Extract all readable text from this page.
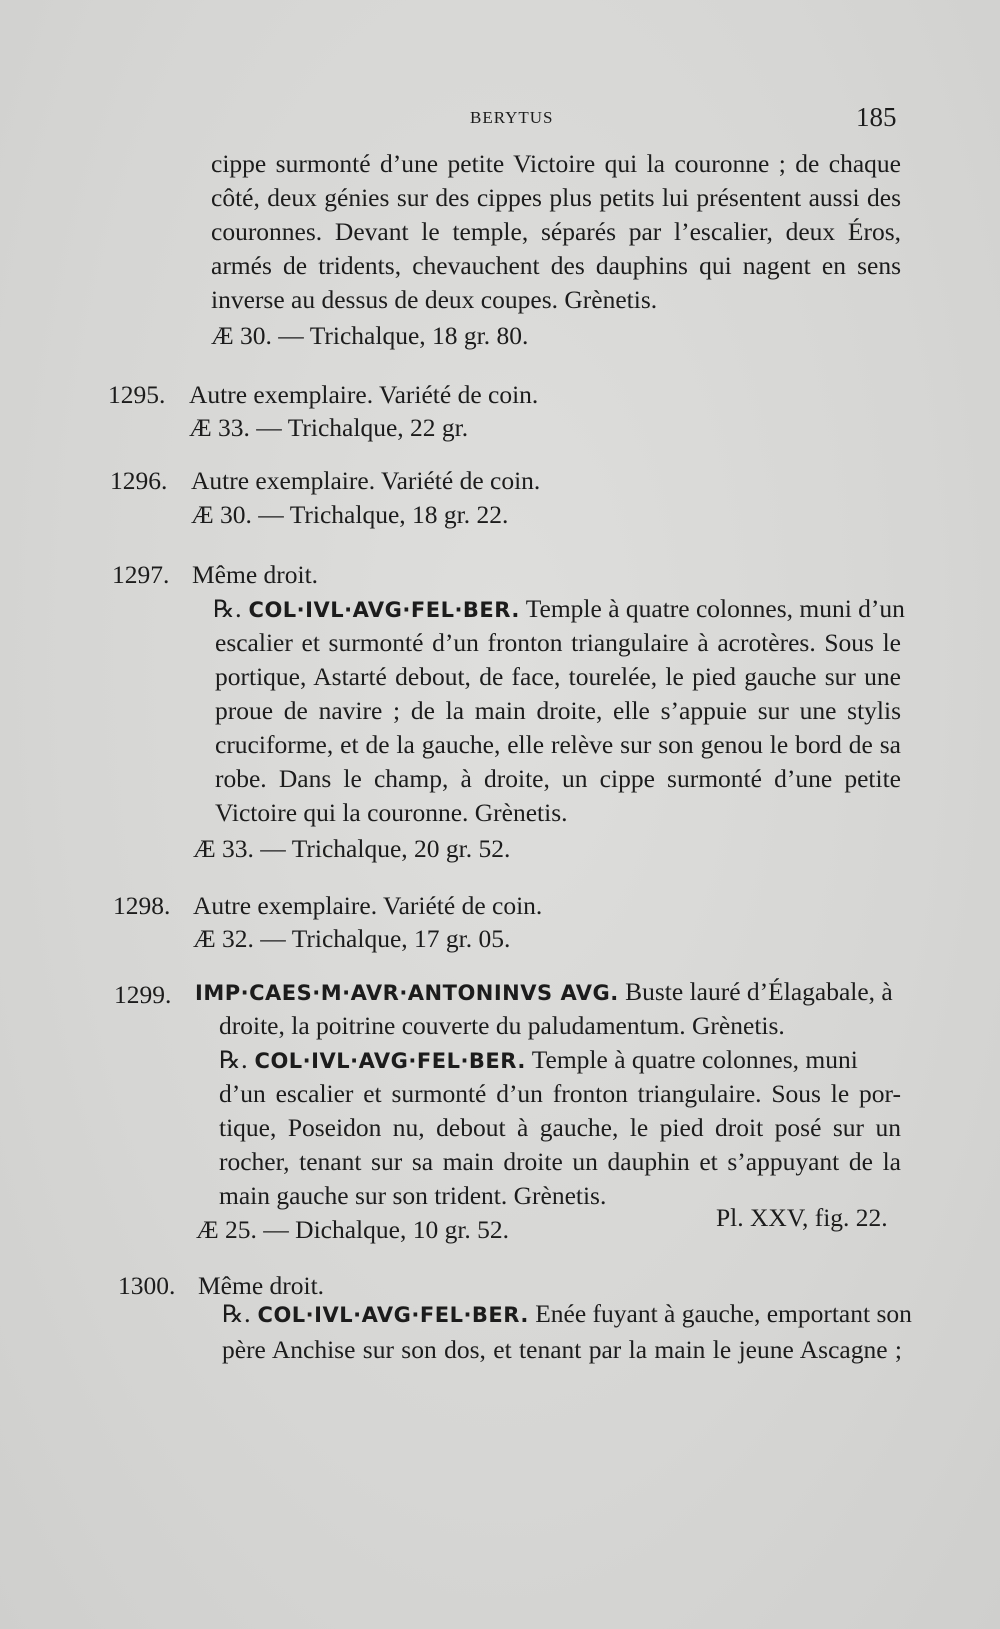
BERYTUS	185
cippe surmonté d’une petite Victoire qui la couronne ; de chaque
côté, deux génies sur des cippes plus petits lui présentent aussi des
couronnes. Devant le temple, séparés par l’escalier, deux Éros,
armés de tridents, chevauchent des dauphins qui nagent en sens
inverse au dessus de deux coupes. Grènetis.
Æ 30. — Trichalque, 18 gr. 80.
1295. Autre exemplaire. Variété de coin.
Æ 33. — Trichalque, 22 gr.
1296. Autre exemplaire. Variété de coin.
Æ 30. — Trichalque, 18 gr. 22.
1297. Même droit.
℞. COL·IVL·AVG·FEL·BER. Temple à quatre colonnes, muni d’un
escalier et surmonté d’un fronton triangulaire à acrotères. Sous le
portique, Astarté debout, de face, tourelée, le pied gauche sur une
proue de navire ; de la main droite, elle s’appuie sur une stylis
cruciforme, et de la gauche, elle relève sur son genou le bord de sa
robe. Dans le champ, à droite, un cippe surmonté d’une petite
Victoire qui la couronne. Grènetis.
Æ 33. — Trichalque, 20 gr. 52.
1298. Autre exemplaire. Variété de coin.
Æ 32. — Trichalque, 17 gr. 05.
1299. IMP·CAES·M·AVR·ANTONINVS AVG. Buste lauré d’Élagabale, à
droite, la poitrine couverte du paludamentum. Grènetis.
℞. COL·IVL·AVG·FEL·BER. Temple à quatre colonnes, muni
d’un escalier et surmonté d’un fronton triangulaire. Sous le por-
tique, Poseidon nu, debout à gauche, le pied droit posé sur un
rocher, tenant sur sa main droite un dauphin et s’appuyant de la
main gauche sur son trident. Grènetis.
Æ 25. — Dichalque, 10 gr. 52.	Pl. XXV, fig. 22.
1300. Même droit.
℞. COL·IVL·AVG·FEL·BER. Enée fuyant à gauche, emportant son
père Anchise sur son dos, et tenant par la main le jeune Ascagne ;
